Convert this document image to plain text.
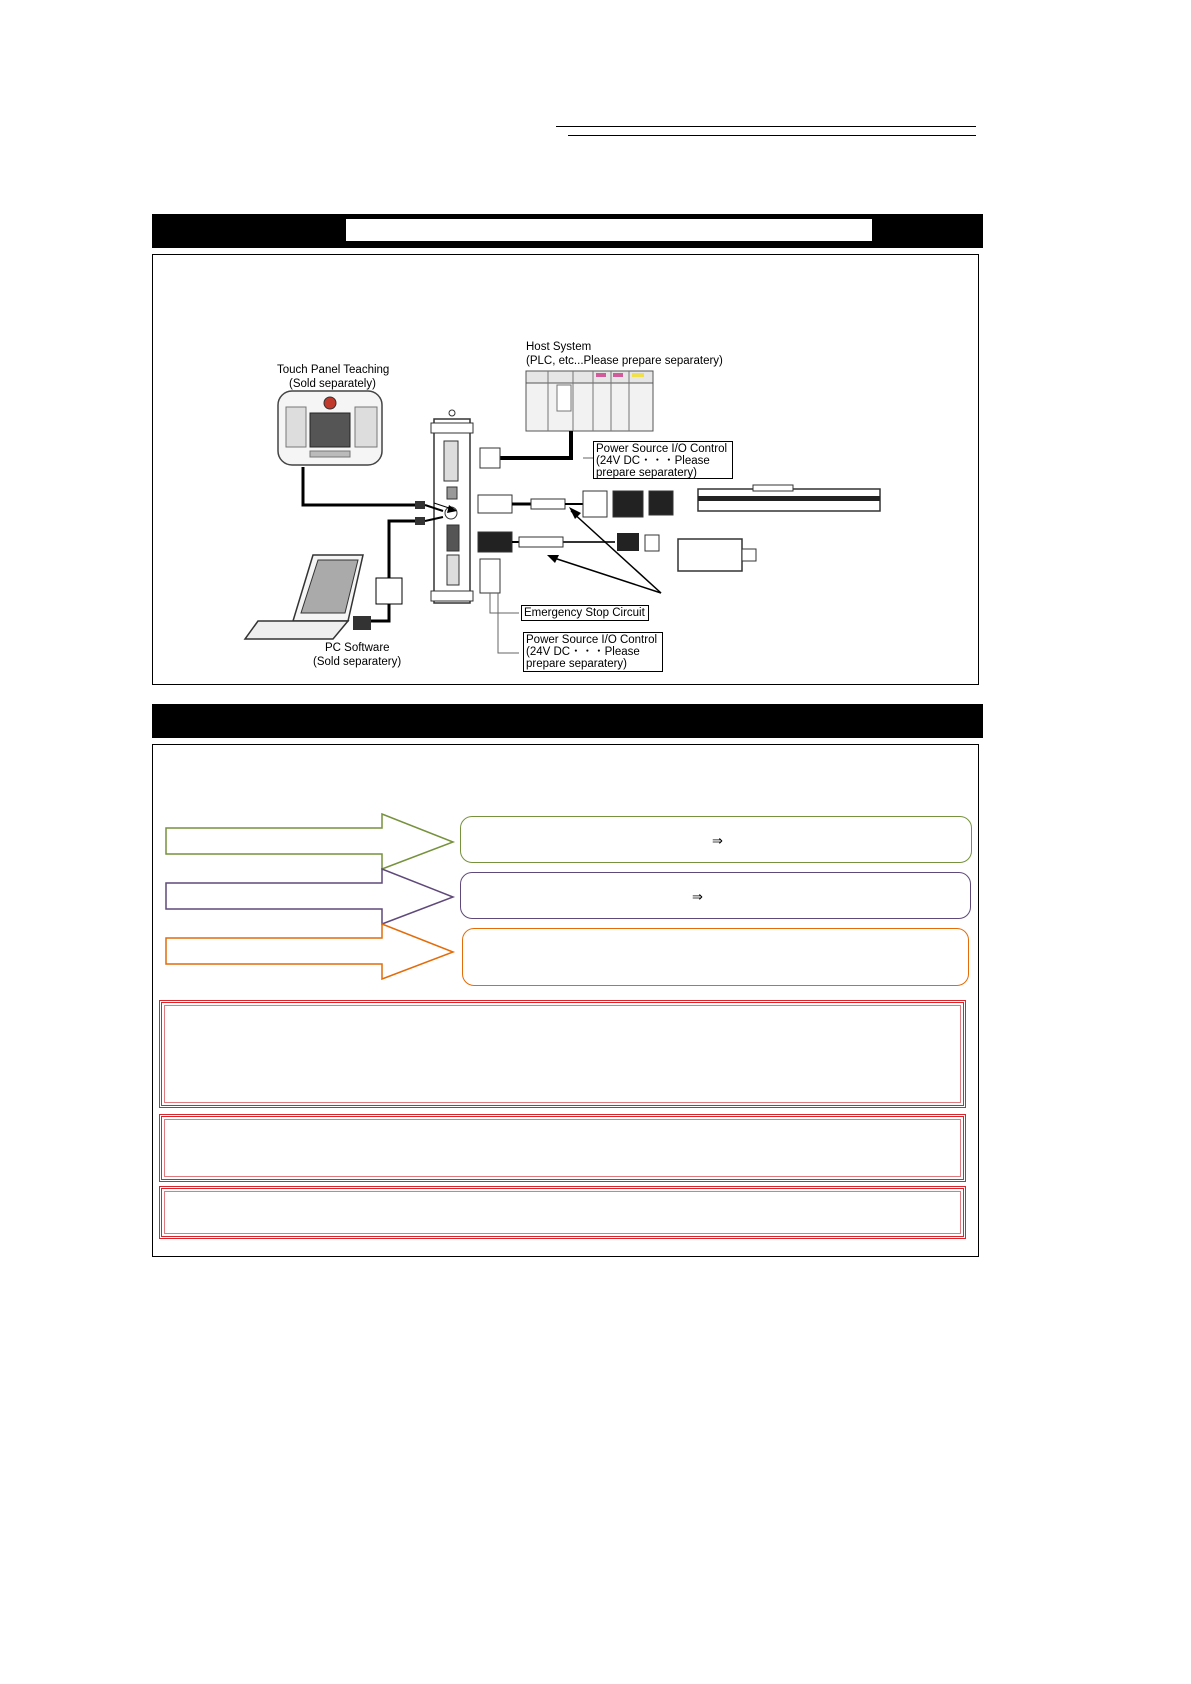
Host System
(PLC, etc...Please prepare separatery)
Touch Panel Teaching
(Sold separately)
PC Software
(Sold separatery)
Power Source I/O Control
(24V DC・・・Please
prepare separatery)
Emergency Stop Circuit
Power Source I/O Control
(24V DC・・・Please
prepare separatery)
⇒
⇒
